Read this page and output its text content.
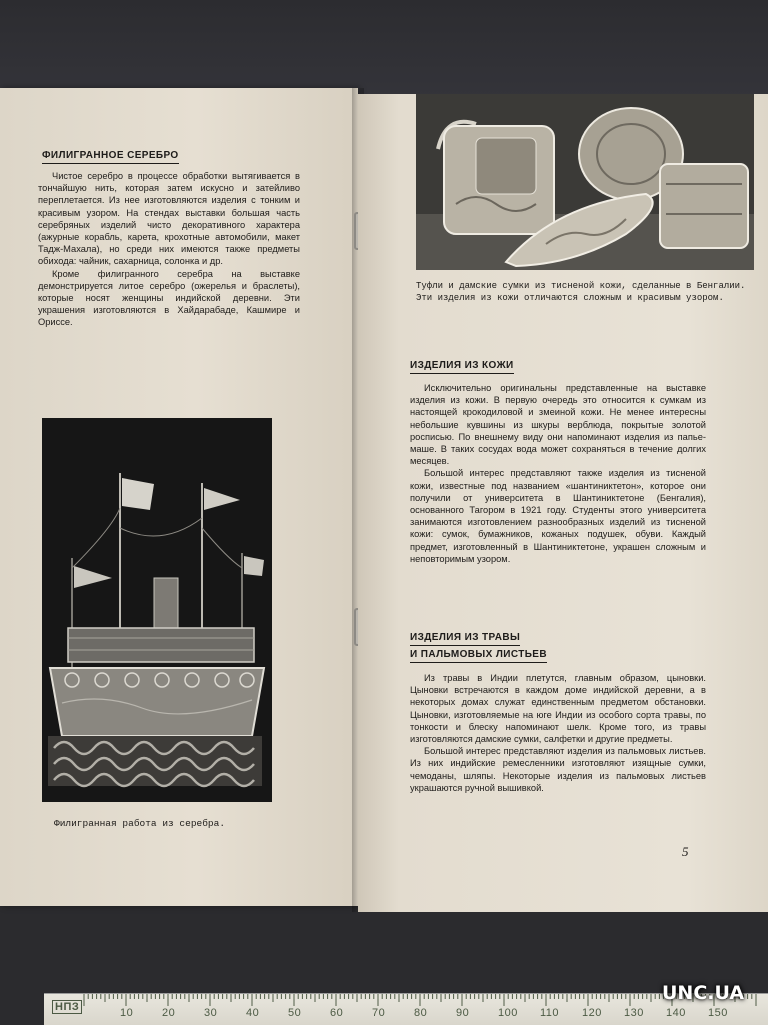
ФИЛИГРАННОЕ СЕРЕБРО

Чистое серебро в процессе обработки вытягивается в тончайшую нить, которая затем искусно и затейливо переплетается. Из нее изготовляются изделия с тонким и красивым узором. На стендах выставки большая часть серебряных изделий чисто декоративного характера (ажурные корабль, карета, крохотные автомобили, макет Тадж-Махала), но среди них имеются также предметы обихода: чайник, сахарница, солонка и др.

Кроме филигранного серебра на выставке демонстрируется литое серебро (ожерелья и браслеты), которые носят женщины индийской деревни. Эти украшения изготовляются в Хайдарабаде, Кашмире и Ориссе.

Филигранная работа из серебра.
Туфли и дамские сумки из тисненой кожи, сделанные в Бенгалии. Эти изделия из кожи отличаются сложным и красивым узором.
ИЗДЕЛИЯ ИЗ КОЖИ

Исключительно оригинальны представленные на выставке изделия из кожи. В первую очередь это относится к сумкам из настоящей крокодиловой и змеиной кожи. Не менее интересны небольшие кувшины из шкуры верблюда, покрытые золотой росписью. По внешнему виду они напоминают изделия из папье-маше. В таких сосудах вода может сохраняться в течение долгих месяцев.

Большой интерес представляют также изделия из тисненой кожи, известные под названием «шантиниктетон», которое они получили от университета в Шантиниктетоне (Бенгалия), основанного Тагором в 1921 году. Студенты этого университета занимаются изготовлением разнообразных изделий из тисненой кожи: сумок, бумажников, кожаных подушек, обуви. Каждый предмет, изготовленный в Шантиниктетоне, украшен сложным и неповторимым узором.

ИЗДЕЛИЯ ИЗ ТРАВЫ
И ПАЛЬМОВЫХ ЛИСТЬЕВ

Из травы в Индии плетутся, главным образом, цыновки. Цыновки встречаются в каждом доме индийской деревни, а в некоторых домах служат единственным предметом обстановки. Цыновки, изготовляемые на юге Индии из особого сорта травы, по тонкости и блеску напоминают шелк. Кроме того, из травы изготовляются дамские сумки, салфетки и другие предметы.

Большой интерес представляют изделия из пальмовых листьев. Из них индийские ремесленники изготовляют изящные сумки, чемоданы, шляпы. Некоторые изделия из пальмовых листьев украшаются ручной вышивкой.

5
НПЗ	10	20	30	40	50	60	70	80	90	100 110 120 130 140 150
UNC.UA
